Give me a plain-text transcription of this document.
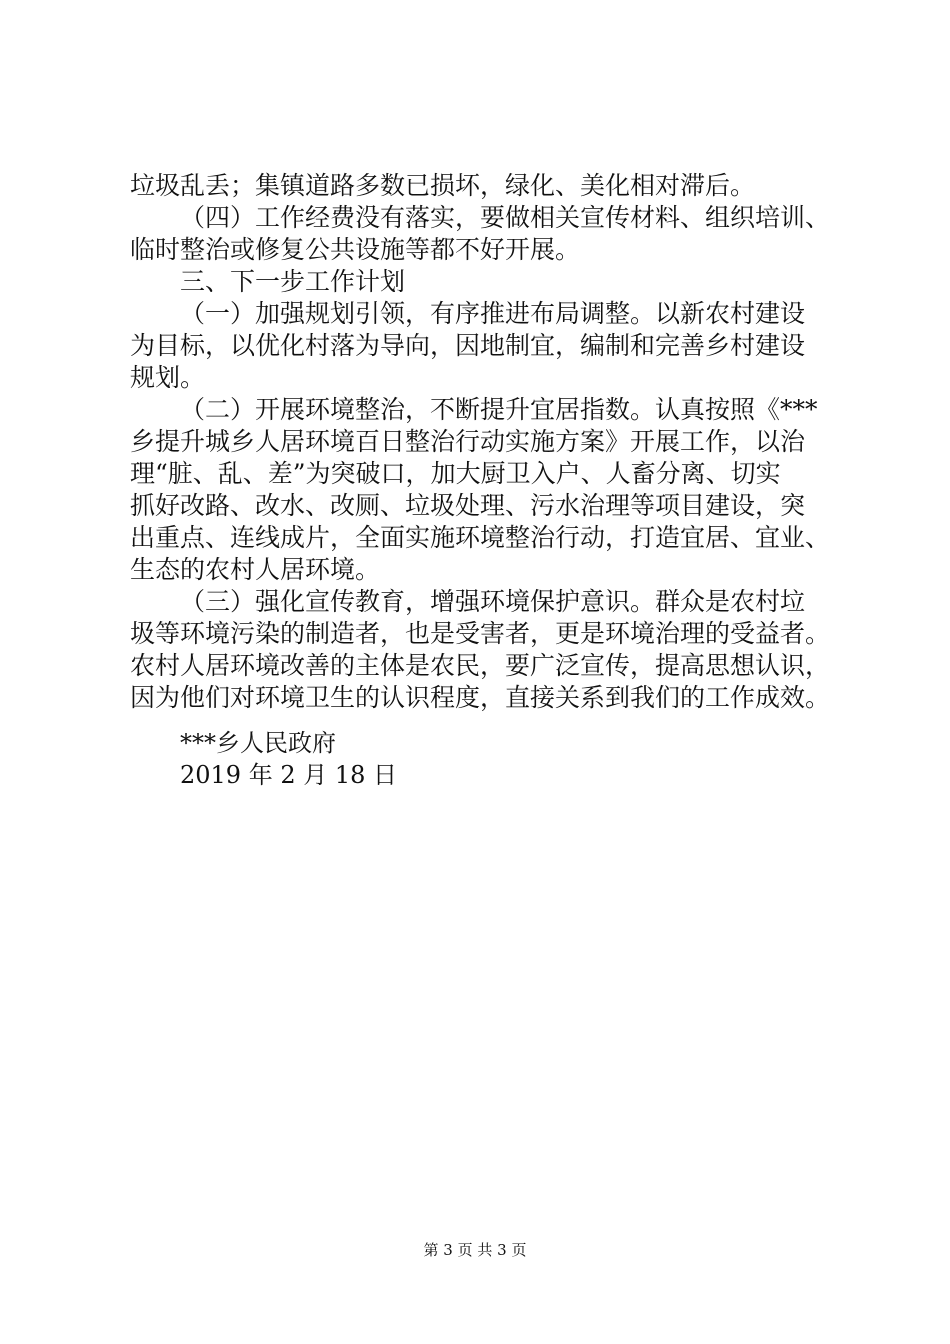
垃圾乱丢；集镇道路多数已损坏，绿化、美化相对滞后。
（四）工作经费没有落实，要做相关宣传材料、组织培训、
临时整治或修复公共设施等都不好开展。
三、下一步工作计划
（一）加强规划引领，有序推进布局调整。以新农村建设
为目标，以优化村落为导向，因地制宜，编制和完善乡村建设
规划。
（二）开展环境整治，不断提升宜居指数。认真按照《***
乡提升城乡人居环境百日整治行动实施方案》开展工作，以治
理“脏、乱、差”为突破口，加大厨卫入户、人畜分离、切实
抓好改路、改水、改厕、垃圾处理、污水治理等项目建设，突
出重点、连线成片，全面实施环境整治行动，打造宜居、宜业、
生态的农村人居环境。
（三）强化宣传教育，增强环境保护意识。群众是农村垃
圾等环境污染的制造者，也是受害者，更是环境治理的受益者。
农村人居环境改善的主体是农民，要广泛宣传，提高思想认识，
因为他们对环境卫生的认识程度，直接关系到我们的工作成效。
***乡人民政府
2019 年 2 月 18 日
第 3 页 共 3 页
